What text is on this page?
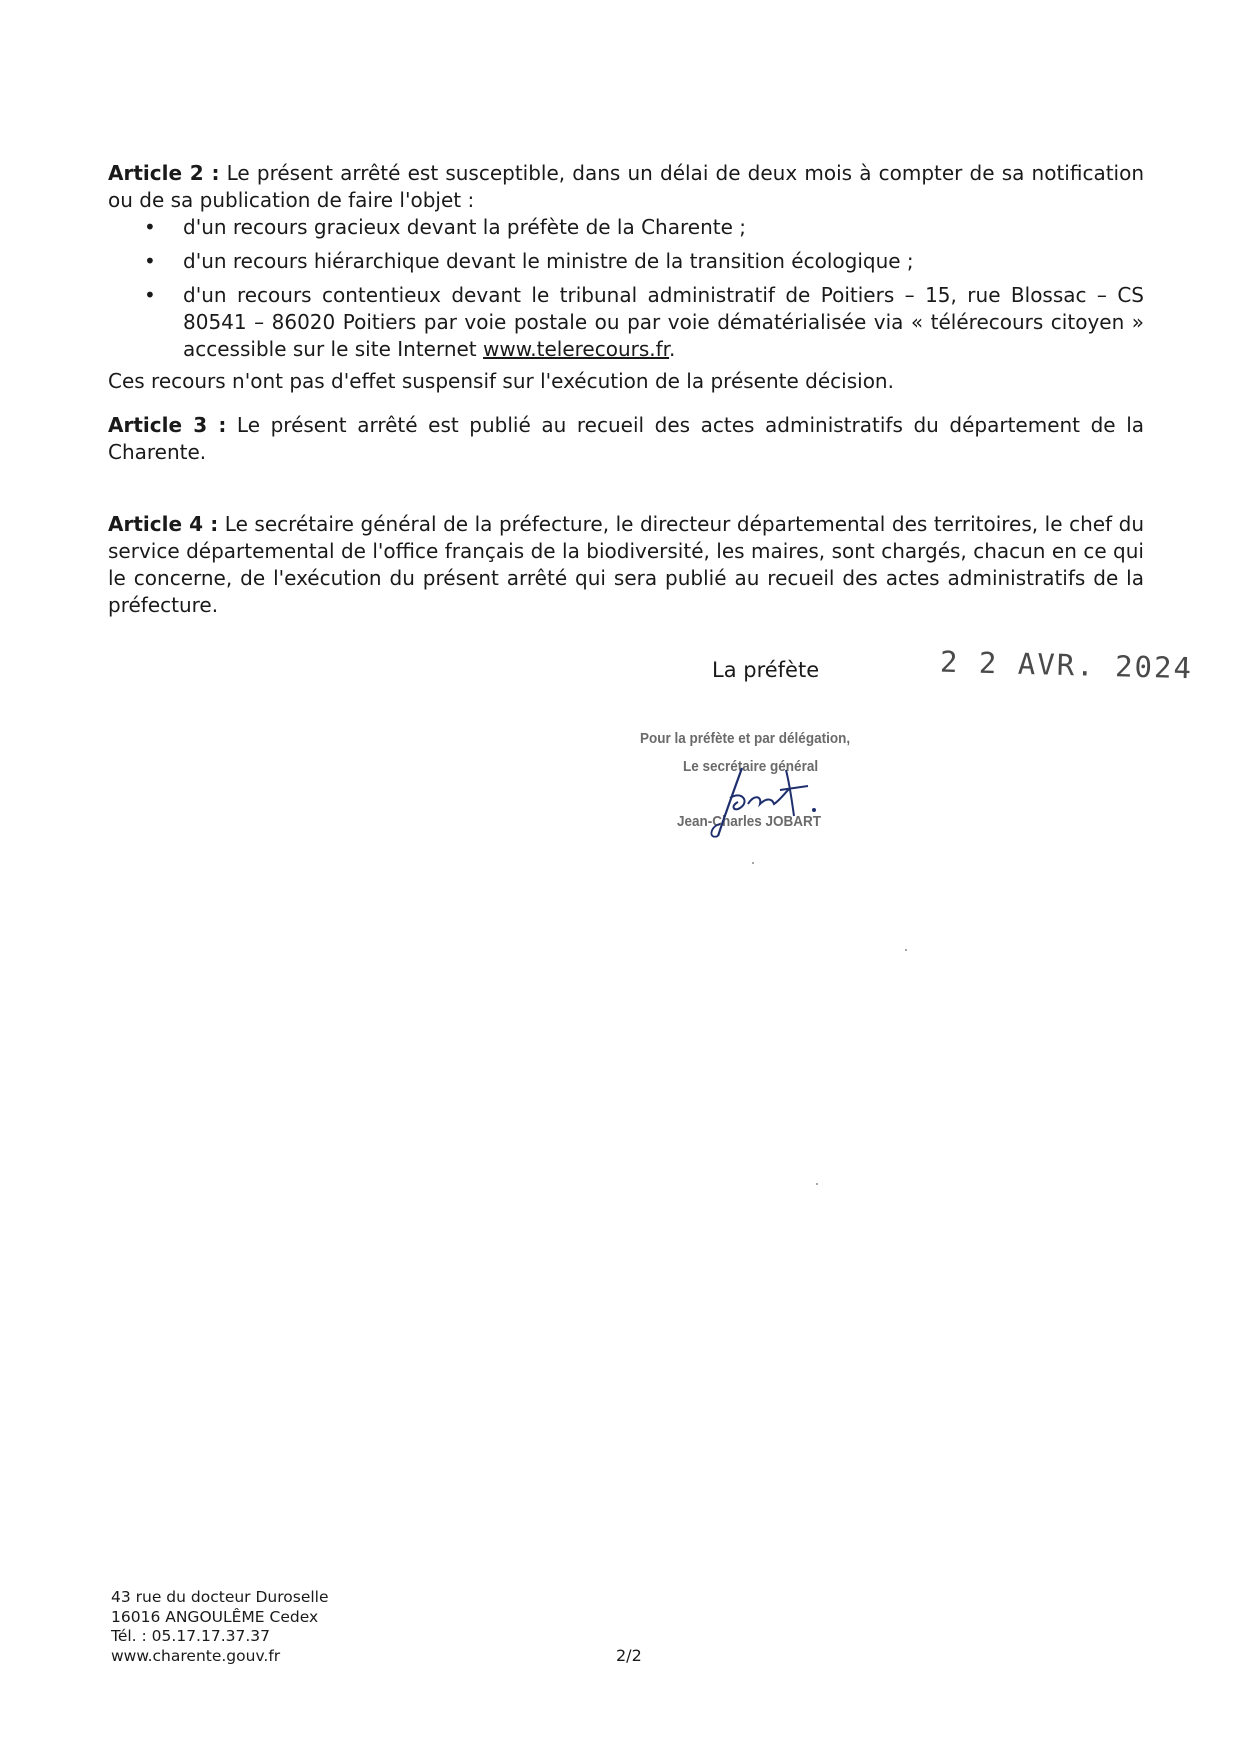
Article 2 : Le présent arrêté est susceptible, dans un délai de deux mois à compter de sa notification ou de sa publication de faire l'objet :

• d'un recours gracieux devant la préfète de la Charente ;
• d'un recours hiérarchique devant le ministre de la transition écologique ;
• d'un recours contentieux devant le tribunal administratif de Poitiers – 15, rue Blossac – CS 80541 – 86020 Poitiers par voie postale ou par voie dématérialisée via « télérecours citoyen » accessible sur le site Internet www.telerecours.fr.

Ces recours n'ont pas d'effet suspensif sur l'exécution de la présente décision.

Article 3 : Le présent arrêté est publié au recueil des actes administratifs du département de la Charente.

Article 4 : Le secrétaire général de la préfecture, le directeur départemental des territoires, le chef du service départemental de l'office français de la biodiversité, les maires, sont chargés, chacun en ce qui le concerne, de l'exécution du présent arrêté qui sera publié au recueil des actes administratifs de la préfecture.

La préfète	2 2 AVR. 2024
Pour la préfète et par délégation,
Le secrétaire général
Jean-Charles JOBART
43 rue du docteur Duroselle
16016 ANGOULÊME Cedex
Tél. : 05.17.17.37.37
www.charente.gouv.fr	2/2
